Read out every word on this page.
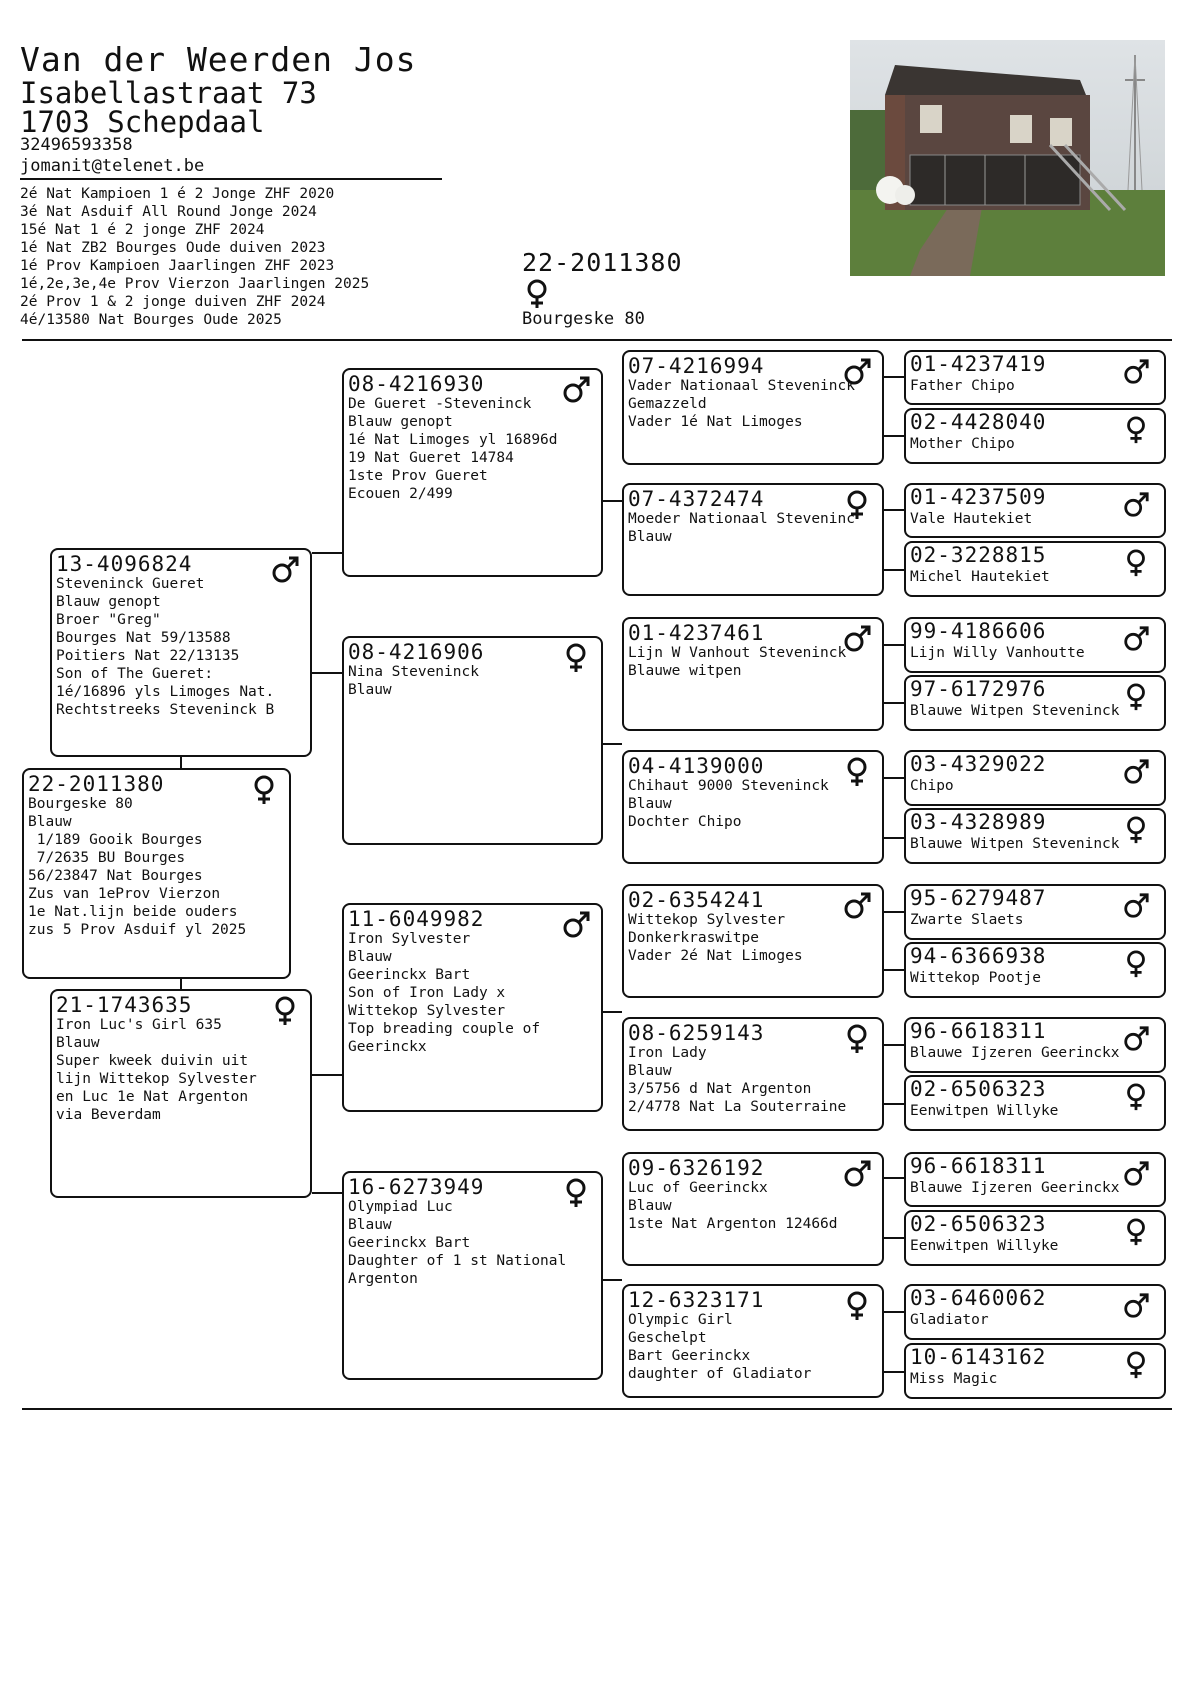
Van der Weerden Jos
Isabellastraat 73
1703 Schepdaal
32496593358
jomanit@telenet.be
2é Nat Kampioen 1 é 2 Jonge ZHF 2020
3é Nat Asduif All Round Jonge 2024
15é Nat 1 é 2 jonge ZHF 2024
1é Nat ZB2 Bourges Oude duiven 2023
1é Prov Kampioen Jaarlingen ZHF 2023
1é,2e,3e,4e Prov Vierzon Jaarlingen 2025
2é Prov 1 & 2 jonge duiven ZHF 2024
4é/13580 Nat Bourges Oude 2025
22-2011380
Bourgeske 80
22-2011380
Bourgeske 80
Blauw
1/189 Gooik Bourges
7/2635 BU Bourges
56/23847 Nat Bourges
Zus van 1eProv Vierzon
1e Nat.lijn beide ouders
zus 5 Prov Asduif yl 2025
13-4096824
Steveninck Gueret
Blauw genopt
Broer "Greg"
Bourges Nat 59/13588
Poitiers Nat 22/13135
Son of The Gueret:
1é/16896 yls Limoges Nat.
Rechtstreeks Steveninck B
21-1743635
Iron Luc's Girl 635
Blauw
Super kweek duivin uit
lijn Wittekop Sylvester
en Luc 1e Nat Argenton
via Beverdam
08-4216930
De Gueret -Steveninck
Blauw genopt
1é Nat Limoges yl 16896d
19 Nat Gueret 14784
1ste Prov Gueret
Ecouen 2/499
08-4216906
Nina Steveninck
Blauw
11-6049982
Iron Sylvester
Blauw
Geerinckx Bart
Son of Iron Lady x
Wittekop Sylvester
Top breading couple of
Geerinckx
16-6273949
Olympiad Luc
Blauw
Geerinckx Bart
Daughter of 1 st National
Argenton
07-4216994
Vader Nationaal Steveninck
Gemazzeld
Vader 1é Nat Limoges
07-4372474
Moeder Nationaal Steveninc
Blauw
01-4237461
Lijn W Vanhout Steveninck
Blauwe witpen
04-4139000
Chihaut 9000 Steveninck
Blauw
Dochter Chipo
02-6354241
Wittekop Sylvester
Donkerkraswitpe
Vader 2é Nat Limoges
08-6259143
Iron Lady
Blauw
3/5756 d Nat Argenton
2/4778 Nat La Souterraine
09-6326192
Luc of Geerinckx
Blauw
1ste Nat Argenton 12466d
12-6323171
Olympic Girl
Geschelpt
Bart Geerinckx
daughter of Gladiator
01-4237419
Father Chipo
02-4428040
Mother Chipo
01-4237509
Vale Hautekiet
02-3228815
Michel Hautekiet
99-4186606
Lijn Willy Vanhoutte
97-6172976
Blauwe Witpen Steveninck
03-4329022
Chipo
03-4328989
Blauwe Witpen Steveninck
95-6279487
Zwarte Slaets
94-6366938
Wittekop Pootje
96-6618311
Blauwe Ijzeren Geerinckx
02-6506323
Eenwitpen Willyke
96-6618311
Blauwe Ijzeren Geerinckx
02-6506323
Eenwitpen Willyke
03-6460062
Gladiator
10-6143162
Miss Magic
